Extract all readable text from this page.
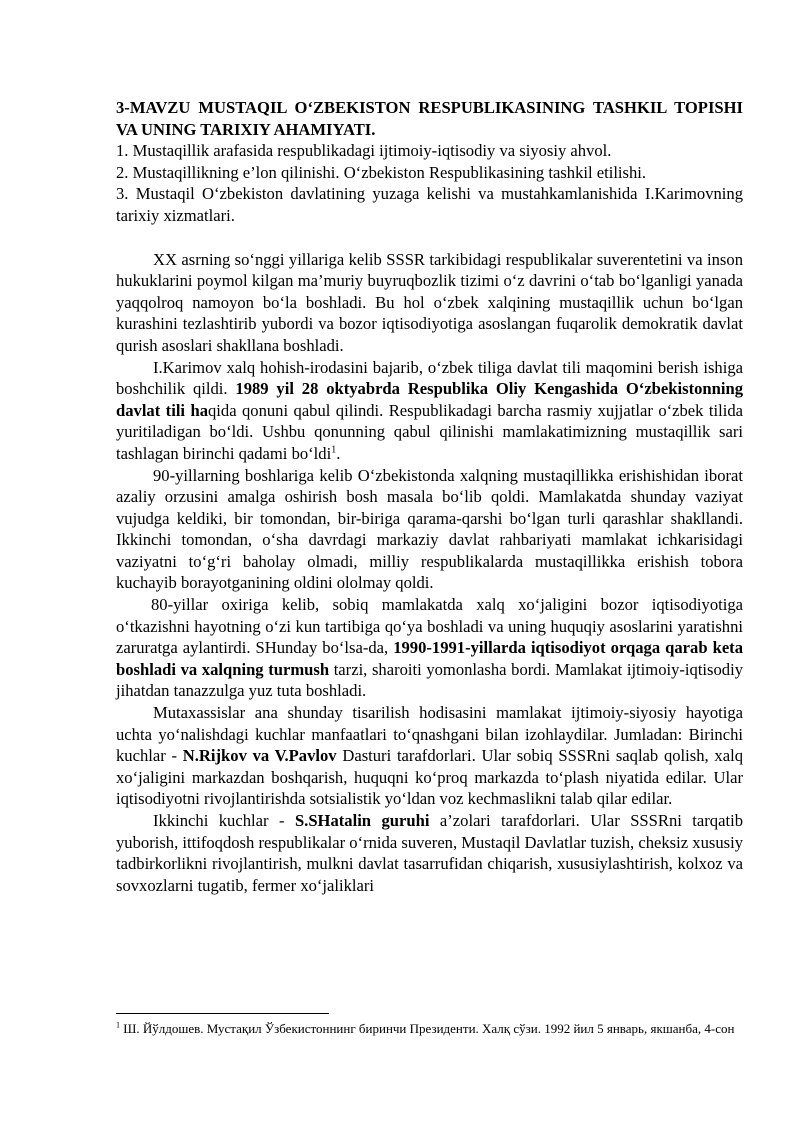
3-MAVZU MUSTAQIL O‘ZBEKISTON RESPUBLIKASINING TASHKIL TOPISHI VA UNING TARIXIY AHAMIYATI.

1. Mustaqillik arafasida respublikadagi ijtimoiy-iqtisodiy va siyosiy ahvol.

2. Mustaqillikning e’lon qilinishi. O‘zbekiston Respublikasining tashkil etilishi.

3. Mustaqil O‘zbekiston davlatining yuzaga kelishi va mustahkamlanishida I.Karimovning tarixiy xizmatlari.

XX asrning so‘nggi yillariga kelib SSSR tarkibidagi respublikalar suverentetini va inson hukuklarini poymol kilgan ma’muriy buyruqbozlik tizimi o‘z davrini o‘tab bo‘lganligi yanada yaqqolroq namoyon bo‘la boshladi. Bu hol o‘zbek xalqining mustaqillik uchun bo‘lgan kurashini tezlashtirib yubordi va bozor iqtisodiyotiga asoslangan fuqarolik demokratik davlat qurish asoslari shakllana boshladi.

I.Karimov xalq hohish-irodasini bajarib, o‘zbek tiliga davlat tili maqomini berish ishiga boshchilik qildi. 1989 yil 28 oktyabrda Respublika Oliy Kengashida O‘zbekistonning davlat tili haqida qonuni qabul qilindi. Respublikadagi barcha rasmiy xujjatlar o‘zbek tilida yuritiladigan bo‘ldi. Ushbu qonunning qabul qilinishi mamlakatimizning mustaqillik sari tashlagan birinchi qadami bo‘ldi$^1$.

90-yillarning boshlariga kelib O‘zbekistonda xalqning mustaqillikka erishishidan iborat azaliy orzusini amalga oshirish bosh masala bo‘lib qoldi. Mamlakatda shunday vaziyat vujudga keldiki, bir tomondan, bir-biriga qarama-qarshi bo‘lgan turli qarashlar shakllandi. Ikkinchi tomondan, o‘sha davrdagi markaziy davlat rahbariyati mamlakat ichkarisidagi vaziyatni to‘g‘ri baholay olmadi, milliy respublikalarda mustaqillikka erishish tobora kuchayib borayotganining oldini ololmay qoldi.

80-yillar oxiriga kelib, sobiq mamlakatda xalq xo‘jaligini bozor iqtisodiyotiga o‘tkazishni hayotning o‘zi kun tartibiga qo‘ya boshladi va uning huquqiy asoslarini yaratishni zaruratga aylantirdi. SHunday bo‘lsa-da, 1990-1991-yillarda iqtisodiyot orqaga qarab keta boshladi va xalqning turmush tarzi, sharoiti yomonlasha bordi. Mamlakat ijtimoiy-iqtisodiy jihatdan tanazzulga yuz tuta boshladi.

Mutaxassislar ana shunday tisarilish hodisasini mamlakat ijtimoiy-siyosiy hayotiga uchta yo‘nalishdagi kuchlar manfaatlari to‘qnashgani bilan izohlaydilar. Jumladan: Birinchi kuchlar - N.Rijkov va V.Pavlov Dasturi tarafdorlari. Ular sobiq SSSRni saqlab qolish, xalq xo‘jaligini markazdan boshqarish, huquqni ko‘proq markazda to‘plash niyatida edilar. Ular iqtisodiyotni rivojlantirishda sotsialistik yo‘ldan voz kechmaslikni talab qilar edilar.

Ikkinchi kuchlar - S.SHatalin guruhi a’zolari tarafdorlari. Ular SSSRni tarqatib yuborish, ittifoqdosh respublikalar o‘rnida suveren, Mustaqil Davlatlar tuzish, cheksiz xususiy tadbirkorlikni rivojlantirish, mulkni davlat tasarrufidan chiqarish, xususiylashtirish, kolxoz va sovxozlarni tugatib, fermer xo‘jaliklari

$^1$ Ш. Йўлдошев. Мустақил Ўзбекистоннинг биринчи Президенти. Халқ сўзи. 1992 йил 5 январь, якшанба, 4-сон
